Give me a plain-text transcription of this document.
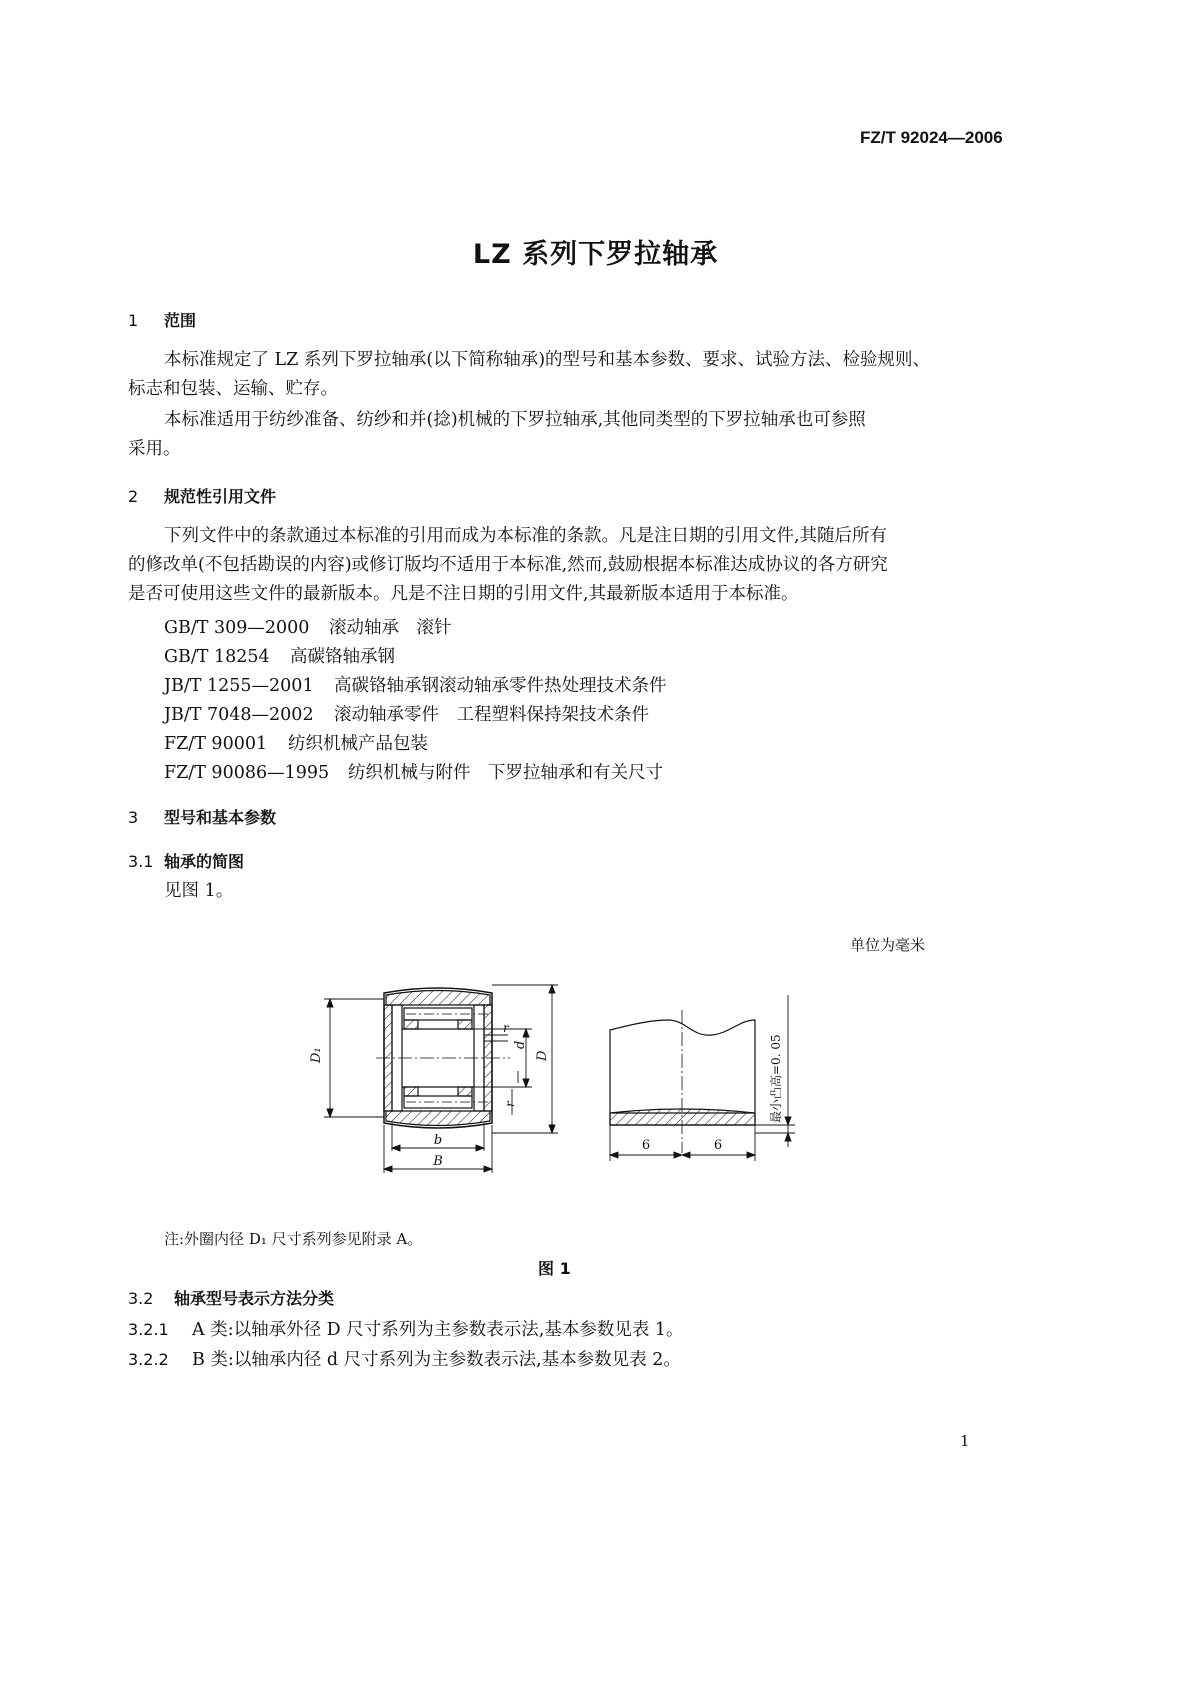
FZ/T 92024—2006
LZ 系列下罗拉轴承
1 范围
本标准规定了 LZ 系列下罗拉轴承(以下简称轴承)的型号和基本参数、要求、试验方法、检验规则、
标志和包装、运输、贮存。
本标准适用于纺纱准备、纺纱和并(捻)机械的下罗拉轴承,其他同类型的下罗拉轴承也可参照
采用。
2 规范性引用文件
下列文件中的条款通过本标准的引用而成为本标准的条款。凡是注日期的引用文件,其随后所有
的修改单(不包括勘误的内容)或修订版均不适用于本标准,然而,鼓励根据本标准达成协议的各方研究
是否可使用这些文件的最新版本。凡是不注日期的引用文件,其最新版本适用于本标准。
GB/T 309—2000 滚动轴承　滚针
GB/T 18254 高碳铬轴承钢
JB/T 1255—2001 高碳铬轴承钢滚动轴承零件热处理技术条件
JB/T 7048—2002 滚动轴承零件　工程塑料保持架技术条件
FZ/T 90001 纺织机械产品包装
FZ/T 90086—1995 纺织机械与附件　下罗拉轴承和有关尺寸
3 型号和基本参数
3.1 轴承的简图
见图 1。
单位为毫米
D₁	D
d
r
r
b
B
6	6
最小凸高=0. 05
注:外圈内径 D₁ 尺寸系列参见附录 A。
图 1
3.2 轴承型号表示方法分类
3.2.1 A 类:以轴承外径 D 尺寸系列为主参数表示法,基本参数见表 1。
3.2.2 B 类:以轴承内径 d 尺寸系列为主参数表示法,基本参数见表 2。
1
